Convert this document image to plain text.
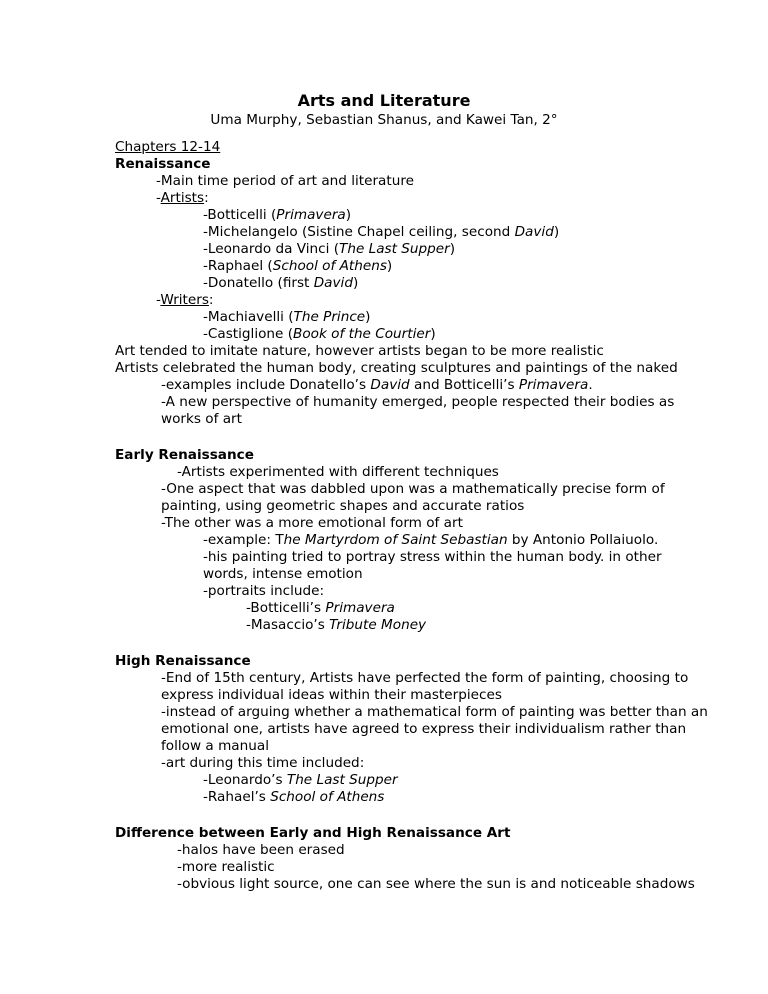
Arts and Literature
Uma Murphy, Sebastian Shanus, and Kawei Tan, 2°
Chapters 12-14
Renaissance
-Main time period of art and literature
-Artists:
-Botticelli (Primavera)
-Michelangelo (Sistine Chapel ceiling, second David)
-Leonardo da Vinci (The Last Supper)
-Raphael (School of Athens)
-Donatello (first David)
-Writers:
-Machiavelli (The Prince)
-Castiglione (Book of the Courtier)
Art tended to imitate nature, however artists began to be more realistic
Artists celebrated the human body, creating sculptures and paintings of the naked
-examples include Donatello’s David and Botticelli’s Primavera.
-A new perspective of humanity emerged, people respected their bodies as
works of art
Early Renaissance
-Artists experimented with different techniques
-One aspect that was dabbled upon was a mathematically precise form of
painting, using geometric shapes and accurate ratios
-The other was a more emotional form of art
-example: The Martyrdom of Saint Sebastian by Antonio Pollaiuolo.
-his painting tried to portray stress within the human body. in other
words, intense emotion
-portraits include:
-Botticelli’s Primavera
-Masaccio’s Tribute Money
High Renaissance
-End of 15th century, Artists have perfected the form of painting, choosing to
express individual ideas within their masterpieces
-instead of arguing whether a mathematical form of painting was better than an
emotional one, artists have agreed to express their individualism rather than
follow a manual
-art during this time included:
-Leonardo’s The Last Supper
-Rahael’s School of Athens
Difference between Early and High Renaissance Art
-halos have been erased
-more realistic
-obvious light source, one can see where the sun is and noticeable shadows
